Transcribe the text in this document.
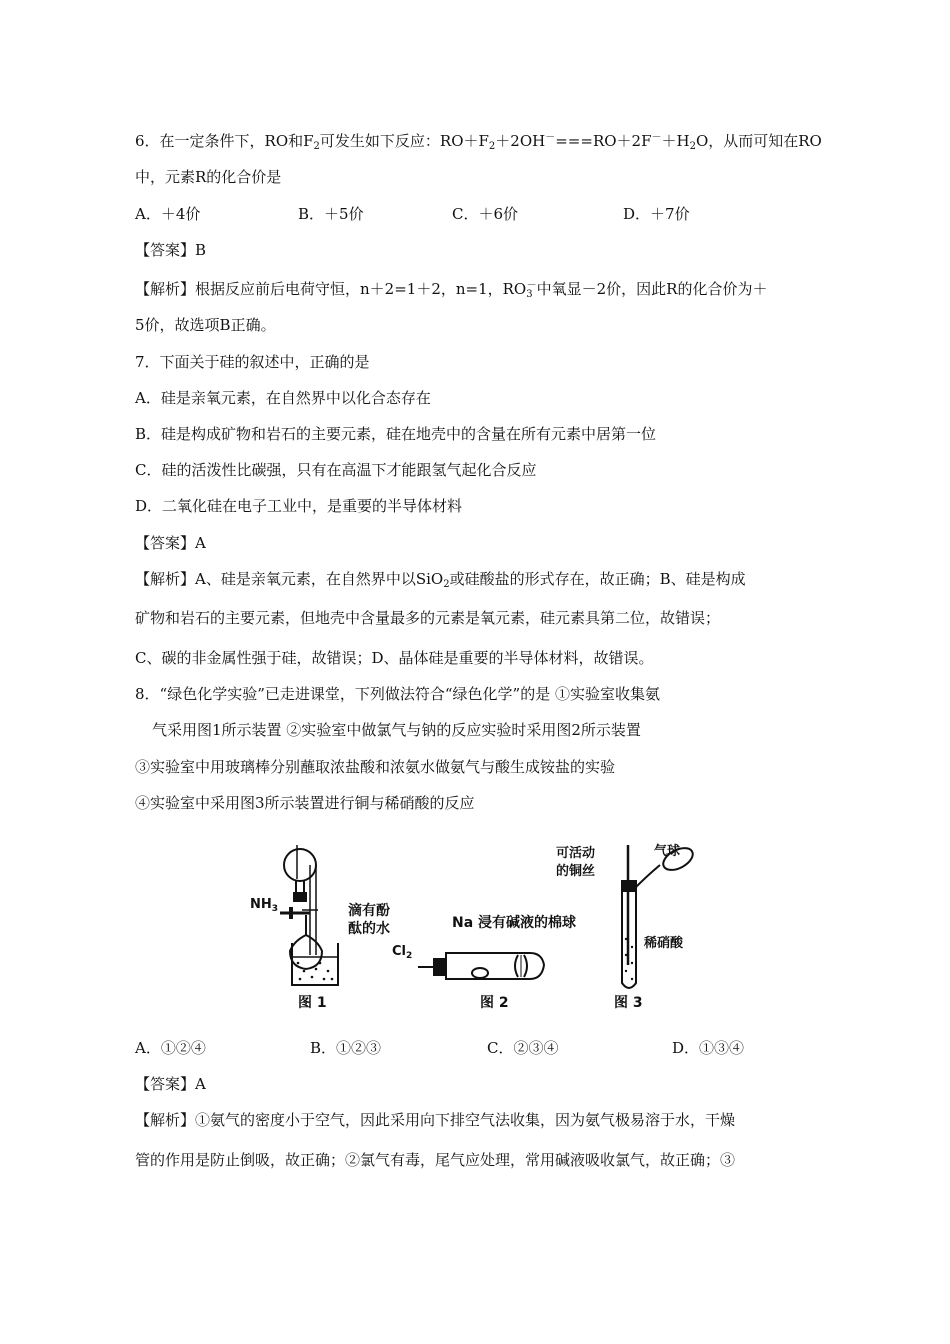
6．在一定条件下，RO和$F_2$可发生如下反应：$RO+F_2+2OH^-===RO+2F^-+H_2O$，从而可知在RO
中，元素R的化合价是
A．＋4价	B．＋5价	C．＋6价	D．＋7价
【答案】B
【解析】根据反应前后电荷守恒，n＋2=1＋2，n=1，$RO_3^-$中氧显－2价，因此R的化合价为＋
5价，故选项B正确。
7．下面关于硅的叙述中，正确的是
A．硅是亲氧元素，在自然界中以化合态存在
B．硅是构成矿物和岩石的主要元素，硅在地壳中的含量在所有元素中居第一位
C．硅的活泼性比碳强，只有在高温下才能跟氢气起化合反应
D．二氧化硅在电子工业中，是重要的半导体材料
【答案】A
【解析】A、硅是亲氧元素，在自然界中以SiO$_2$或硅酸盐的形式存在，故正确；B、硅是构成
矿物和岩石的主要元素，但地壳中含量最多的元素是氧元素，硅元素具第二位，故错误；
C、碳的非金属性强于硅，故错误；D、晶体硅是重要的半导体材料，故错误。
8．“绿色化学实验”已走进课堂，下列做法符合“绿色化学”的是 ①实验室收集氨
气采用图1所示装置 ②实验室中做氯气与钠的反应实验时采用图2所示装置
③实验室中用玻璃棒分别蘸取浓盐酸和浓氨水做氨气与酸生成铵盐的实验
④实验室中采用图3所示装置进行铜与稀硝酸的反应
$NH_3$	滴有酚
酞的水
图 1
$Cl_2$
Na 浸有碱液的棉球
图 2
可活动
的铜丝
气球
稀硝酸
图 3
A．①②④	B．①②③	C．②③④	D．①③④
【答案】A
【解析】①氨气的密度小于空气，因此采用向下排空气法收集，因为氨气极易溶于水，干燥
管的作用是防止倒吸，故正确；②氯气有毒，尾气应处理，常用碱液吸收氯气，故正确；③
